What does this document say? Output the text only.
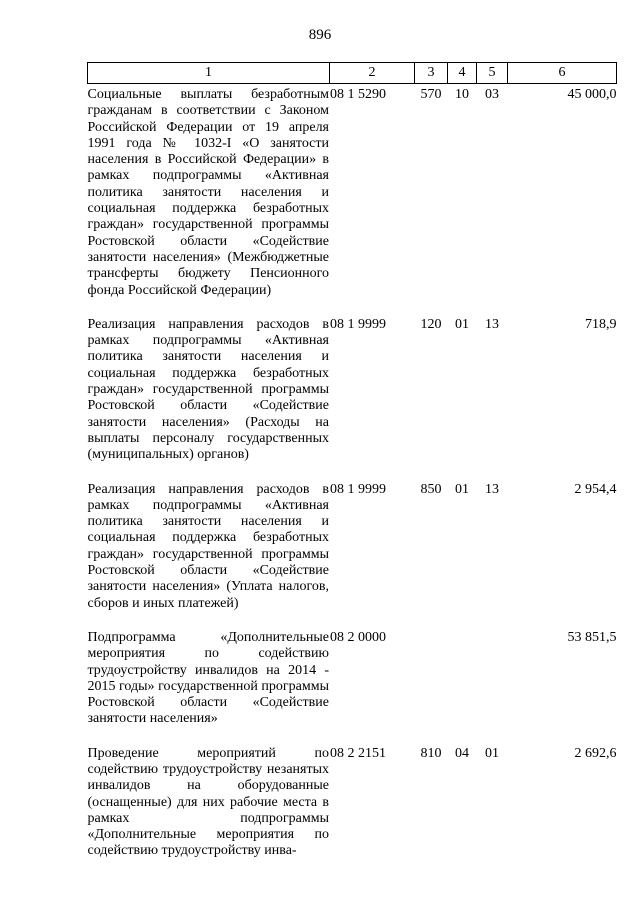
896
1	2	3	4	5	6
Социальные выплаты безработным гражданам в соответствии с Законом Российской Федерации от 19 апреля 1991 года № 1032-I «О занятости населения в Российской Федерации» в рамках подпрограммы «Активная политика занятости населения и социальная поддержка безработных граждан» государственной программы Ростовской области «Содействие занятости населения» (Межбюджетные трансферты бюджету Пенсионного фонда Российской Федерации)	08 1 5290	570	10	03	45 000,0
Реализация направления расходов в рамках подпрограммы «Активная политика занятости населения и социальная поддержка безработных граждан» государственной программы Ростовской области «Содействие занятости населения» (Расходы на выплаты персоналу государственных (муниципальных) органов)	08 1 9999	120	01	13	718,9
Реализация направления расходов в рамках подпрограммы «Активная политика занятости населения и социальная поддержка безработных граждан» государственной программы Ростовской области «Содействие занятости населения» (Уплата налогов, сборов и иных платежей)	08 1 9999	850	01	13	2 954,4
Подпрограмма «Дополнительные мероприятия по содействию трудоустройству инвалидов на 2014 - 2015 годы» государственной программы Ростовской области «Содействие занятости населения»	08 2 0000				53 851,5
Проведение мероприятий по содействию трудоустройству незанятых инвалидов на оборудованные (оснащенные) для них рабочие места в рамках подпрограммы «Дополнительные мероприятия по содействию трудоустройству инва-	08 2 2151	810	04	01	2 692,6
